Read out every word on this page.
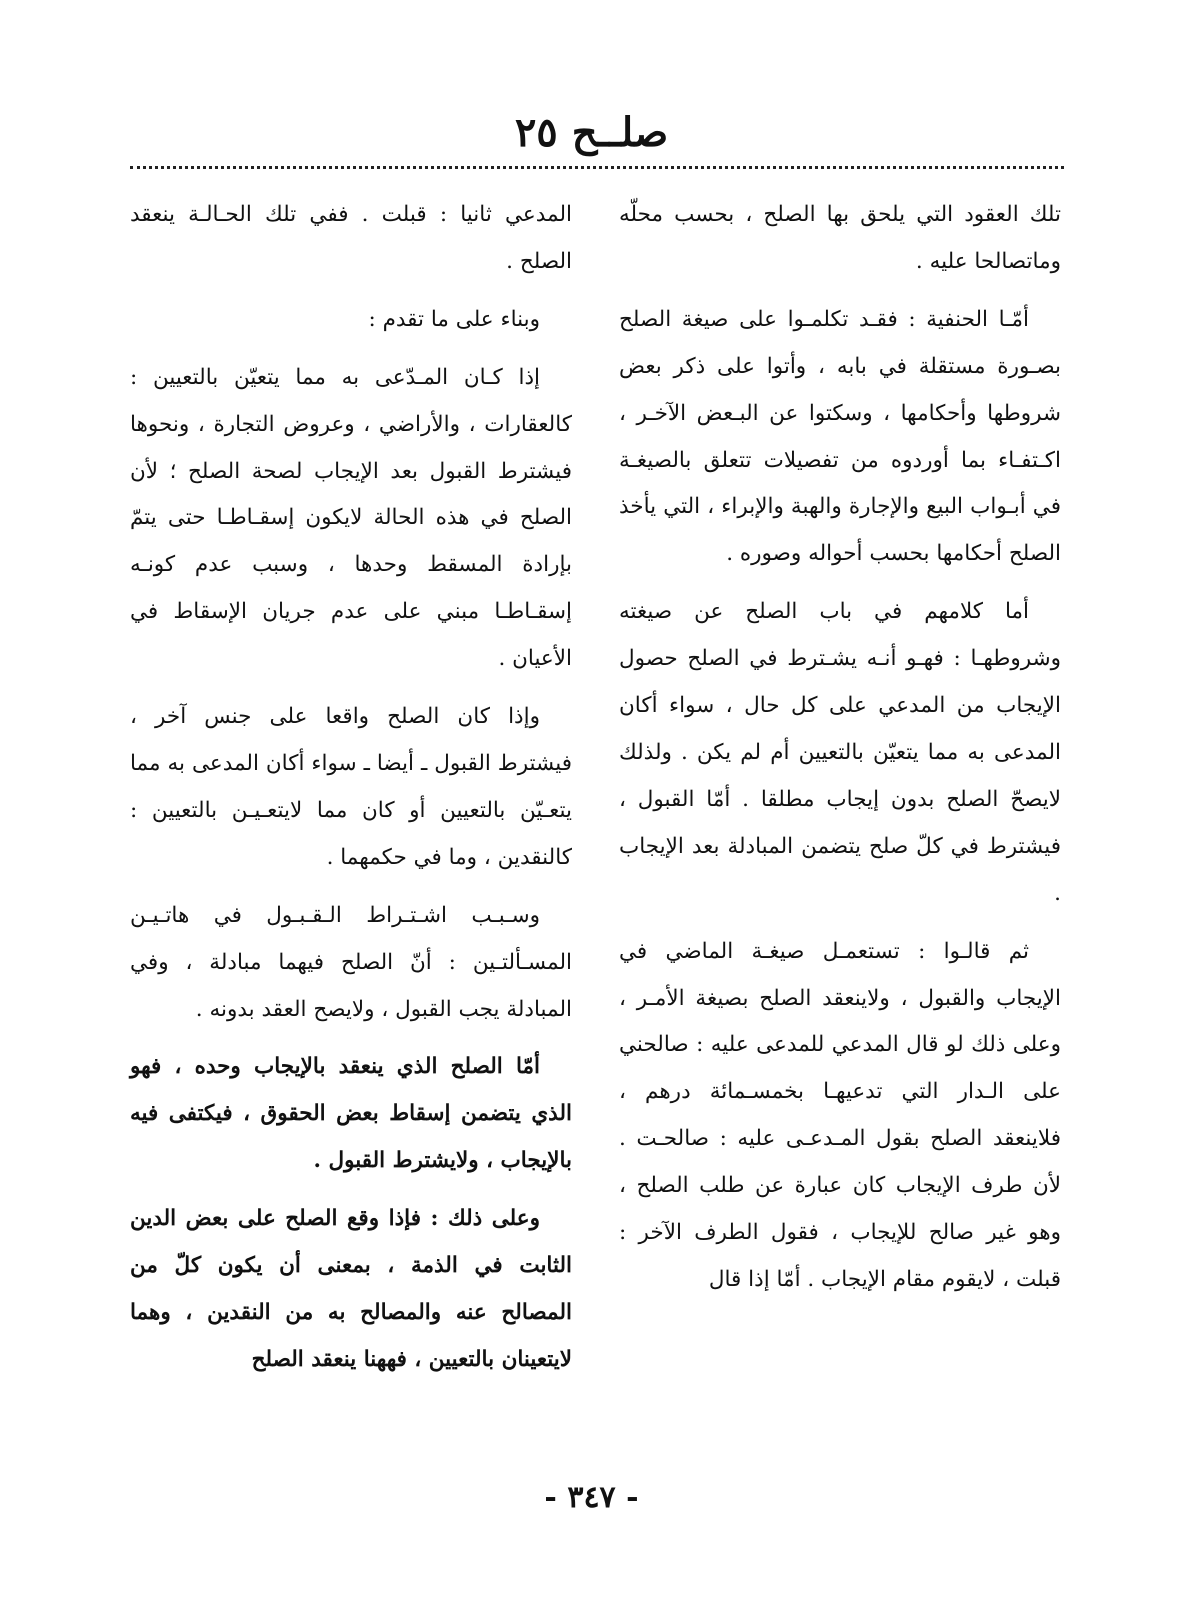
صلــح ٢٥

تلك العقود التي يلحق بها الصلح ، بحسب محلّه وماتصالحا عليه .

أمّـا الحنفية : فقـد تكلمـوا على صيغة الصلح بصـورة مستقلة في بابه ، وأتوا على ذكر بعض شروطها وأحكامها ، وسكتوا عن البـعض الآخـر ، اكـتفـاء بما أوردوه من تفصيلات تتعلق بالصيغـة في أبـواب البيع والإجارة والهبة والإبراء ، التي يأخذ الصلح أحكامها بحسب أحواله وصوره .

أما كلامهم في باب الصلح عن صيغته وشروطهـا : فهـو أنـه يشـترط في الصلح حصول الإيجاب من المدعي على كل حال ، سواء أكان المدعى به مما يتعيّن بالتعيين أم لم يكن . ولذلك لايصحّ الصلح بدون إيجاب مطلقا . أمّا القبول ، فيشترط في كلّ صلح يتضمن المبادلة بعد الإيجاب .

ثم قالـوا : تستعمـل صيغـة الماضي في الإيجاب والقبول ، ولاينعقد الصلح بصيغة الأمـر ، وعلى ذلك لو قال المدعي للمدعى عليه : صالحني على الـدار التي تدعيهـا بخمسـمائة درهم ، فلاينعقد الصلح بقول المـدعـى عليه : صالحـت . لأن طرف الإيجاب كان عبارة عن طلب الصلح ، وهو غير صالح للإيجاب ، فقول الطرف الآخر : قبلت ، لايقوم مقام الإيجاب . أمّا إذا قال

المدعي ثانيا : قبلت . ففي تلك الحـالـة ينعقد الصلح .

وبناء على ما تقدم :

إذا كـان المـدّعى به مما يتعيّن بالتعيين : كالعقارات ، والأراضي ، وعروض التجارة ، ونحوها فيشترط القبول بعد الإيجاب لصحة الصلح ؛ لأن الصلح في هذه الحالة لايكون إسقـاطـا حتى يتمّ بإرادة المسقط وحدها ، وسبب عدم كونـه إسقـاطـا مبني على عدم جريان الإسقاط في الأعيان .

وإذا كان الصلح واقعا على جنس آخر ، فيشترط القبول ـ أيضا ـ سواء أكان المدعى به مما يتعـيّن بالتعيين أو كان مما لايتعـيـن بالتعيين : كالنقدين ، وما في حكمهما .

وسـبـب اشـتـراط الـقـبـول في هاتـيـن المسـألتـين : أنّ الصلح فيهما مبادلة ، وفي المبادلة يجب القبول ، ولايصح العقد بدونه .

أمّا الصلح الذي ينعقد بالإيجاب وحده ، فهو الذي يتضمن إسقاط بعض الحقوق ، فيكتفى فيه بالإيجاب ، ولايشترط القبول .

وعلى ذلك : فإذا وقع الصلح على بعض الدين الثابت في الذمة ، بمعنى أن يكون كلّ من المصالح عنه والمصالح به من النقدين ، وهما لايتعينان بالتعيين ، فههنا ينعقد الصلح

- ٣٤٧ -
